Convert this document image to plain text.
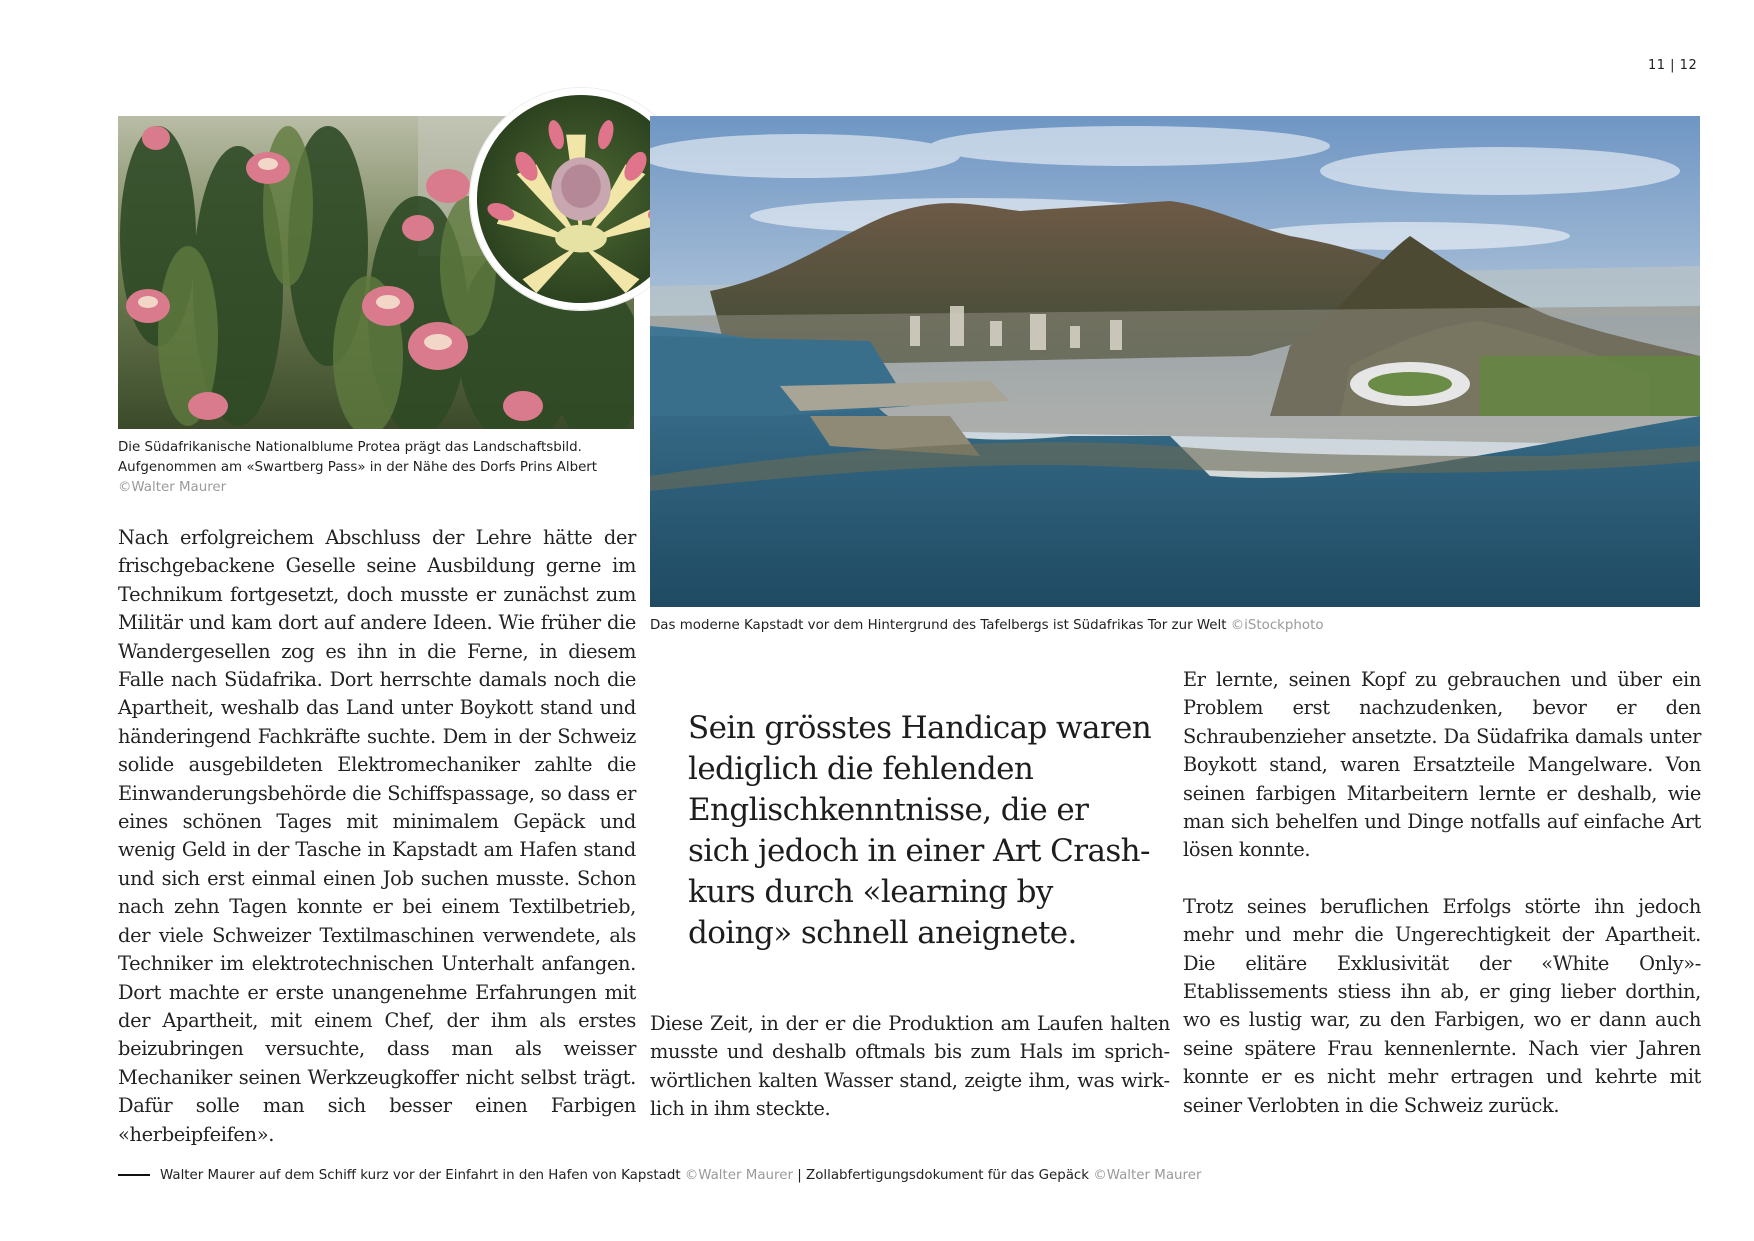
11 | 12
Die Südafrikanische Nationalblume Protea prägt das Landschaftsbild. Aufgenommen am «Swartberg Pass» in der Nähe des Dorfs Prins Albert ©Walter Maurer
Das moderne Kapstadt vor dem Hintergrund des Tafelbergs ist Südafrikas Tor zur Welt ©iStockphoto

Nach erfolgreichem Abschluss der Lehre hätte der frischgebackene Geselle seine Ausbildung gerne im Technikum fortgesetzt, doch musste er zunächst zum Militär und kam dort auf andere Ideen. Wie früher die Wandergesellen zog es ihn in die Ferne, in diesem Falle nach Südafrika. Dort herrschte damals noch die Apartheit, weshalb das Land unter Boykott stand und händeringend Fachkräfte suchte. Dem in der Schweiz solide ausgebildeten Elektromechaniker zahlte die Einwanderungsbehörde die Schiffspassage, so dass er eines schönen Tages mit minimalem Gepäck und wenig Geld in der Tasche in Kapstadt am Hafen stand und sich erst einmal einen Job suchen musste. Schon nach zehn Tagen konnte er bei einem Textilbetrieb, der viele Schweizer Textilmaschinen verwendete, als Techniker im elektrotechnischen Unterhalt anfangen. Dort machte er erste unangenehme Erfahrungen mit der Apartheit, mit einem Chef, der ihm als erstes beizubringen versuchte, dass man als weisser Mechaniker seinen Werkzeugkoffer nicht selbst trägt. Dafür solle man sich besser einen Farbigen «herbeipfeifen».

Sein grösstes Handicap waren lediglich die fehlenden Englischkenntnisse, die er sich jedoch in einer Art Crashkurs durch «learning by doing» schnell aneignete.

Diese Zeit, in der er die Produktion am Laufen halten musste und deshalb oftmals bis zum Hals im sprichwörtlichen kalten Wasser stand, zeigte ihm, was wirklich in ihm steckte.

Er lernte, seinen Kopf zu gebrauchen und über ein Problem erst nachzudenken, bevor er den Schraubenzieher ansetzte. Da Südafrika damals unter Boykott stand, waren Ersatzteile Mangelware. Von seinen farbigen Mitarbeitern lernte er deshalb, wie man sich behelfen und Dinge notfalls auf einfache Art lösen konnte.

Trotz seines beruflichen Erfolgs störte ihn jedoch mehr und mehr die Ungerechtigkeit der Apartheit. Die elitäre Exklusivität der «White Only»-Etablissements stiess ihn ab, er ging lieber dorthin, wo es lustig war, zu den Farbigen, wo er dann auch seine spätere Frau kennenlernte. Nach vier Jahren konnte er es nicht mehr ertragen und kehrte mit seiner Verlobten in die Schweiz zurück.

Walter Maurer auf dem Schiff kurz vor der Einfahrt in den Hafen von Kapstadt ©Walter Maurer | Zollabfertigungsdokument für das Gepäck ©Walter Maurer
